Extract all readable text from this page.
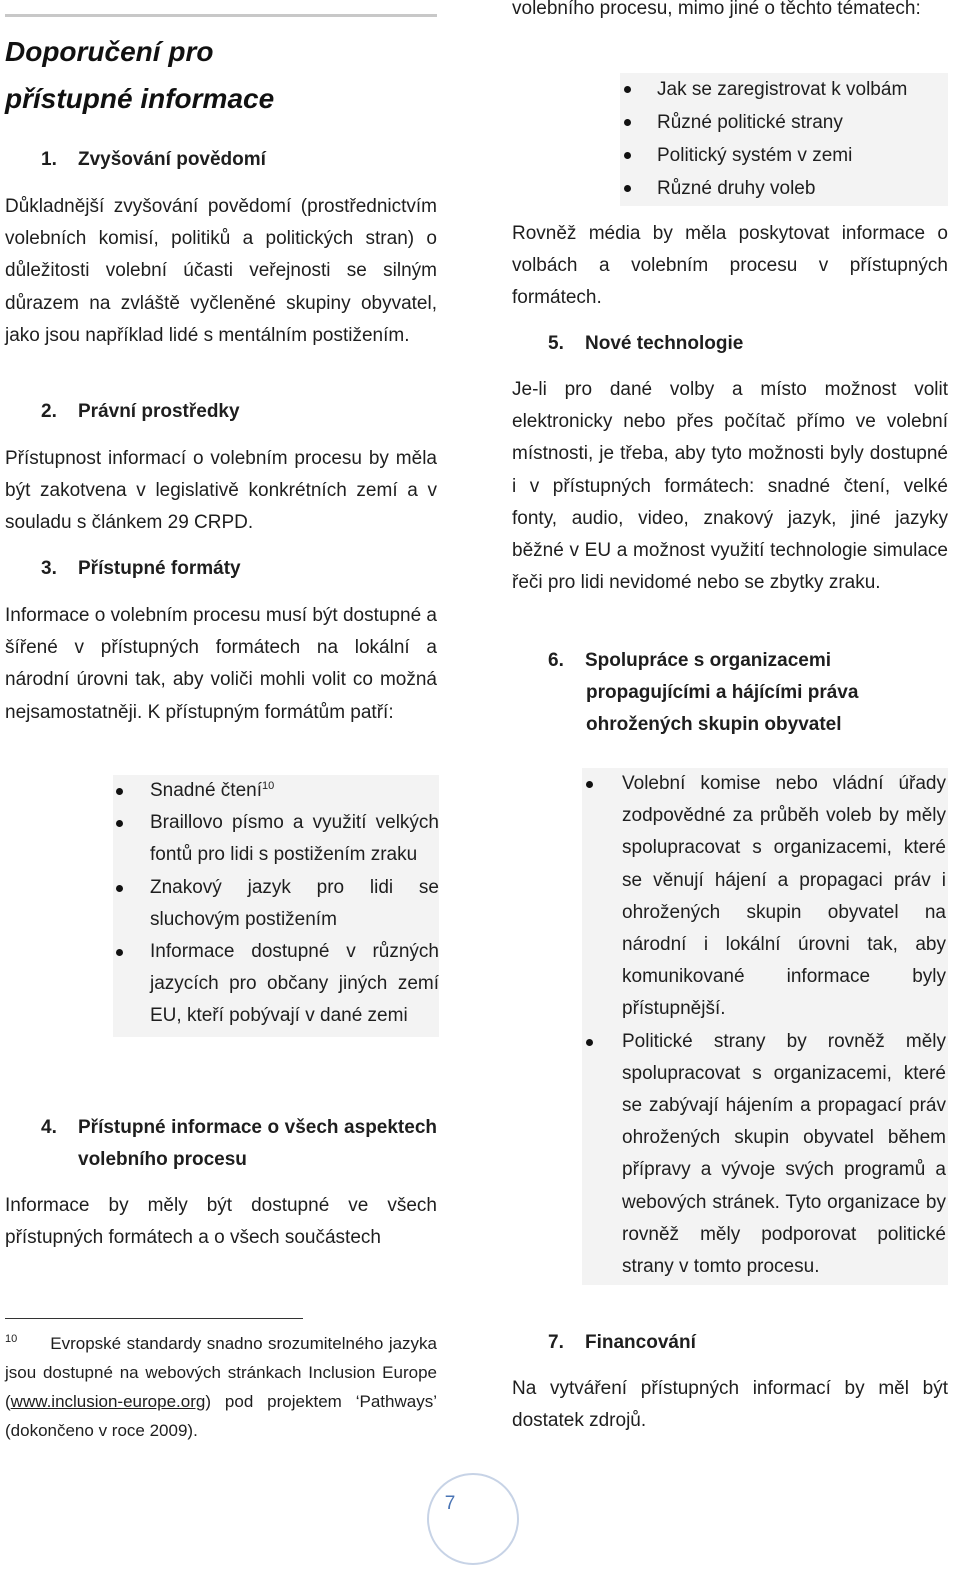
Doporučení pro
přístupné informace
1.	Zvyšování povědomí

Důkladnější zvyšování povědomí (prostřednictvím volebních komisí, politiků a politických stran) o důležitosti volební účasti veřejnosti se silným důrazem na zvláště vyčleněné skupiny obyvatel, jako jsou například lidé s mentálním postižením.

2.	Právní prostředky

Přístupnost informací o volebním procesu by měla být zakotvena v legislativě konkrétních zemí a v souladu s článkem 29 CRPD.

3.	Přístupné formáty

Informace o volebním procesu musí být dostupné a šířené v přístupných formátech na lokální a národní úrovni tak, aby voliči mohli volit co možná nejsamostatněji. K přístupným formátům patří:

Snadné čtení$^{10}$
Braillovo písmo a využití velkých fontů pro lidi s postižením zraku
Znakový jazyk pro lidi se sluchovým postižením
Informace dostupné v různých jazycích pro občany jiných zemí EU, kteří pobývají v dané zemi
4.	Přístupné informace o všech aspektech volebního procesu

Informace by měly být dostupné ve všech přístupných formátech a o všech součástech

$^{10}$ Evropské standardy snadno srozumitelného jazyka jsou dostupné na webových stránkach Inclusion Europe (www.inclusion-europe.org) pod projektem ‘Pathways’ (dokončeno v roce 2009).

volebního procesu, mimo jiné o těchto tématech:

Jak se zaregistrovat k volbám
Různé politické strany
Politický systém v zemi
Různé druhy voleb

Rovněž média by měla poskytovat informace o volbách a volebním procesu v přístupných formátech.

5.	Nové technologie

Je-li pro dané volby a místo možnost volit elektronicky nebo přes počítač přímo ve volební místnosti, je třeba, aby tyto možnosti byly dostupné i v přístupných formátech: snadné čtení, velké fonty, audio, video, znakový jazyk, jiné jazyky běžné v EU a možnost využití technologie simulace řeči pro lidi nevidomé nebo se zbytky zraku.

6. Spolupráce s organizacemi
propagujícími a hájícími práva
ohrožených skupin obyvatel
Volební komise nebo vládní úřady zodpovědné za průběh voleb by měly spolupracovat s organizacemi, které se věnují hájení a propagaci práv i ohrožených skupin obyvatel na národní i lokální úrovni tak, aby komunikované informace byly přístupnější.
Politické strany by rovněž měly spolupracovat s organizacemi, které se zabývají hájením a propagací práv ohrožených skupin obyvatel během přípravy a vývoje svých programů a webových stránek. Tyto organizace by rovněž měly podporovat politické strany v tomto procesu.
7.	Financování

Na vytváření přístupných informací by měl být dostatek zdrojů.

7
